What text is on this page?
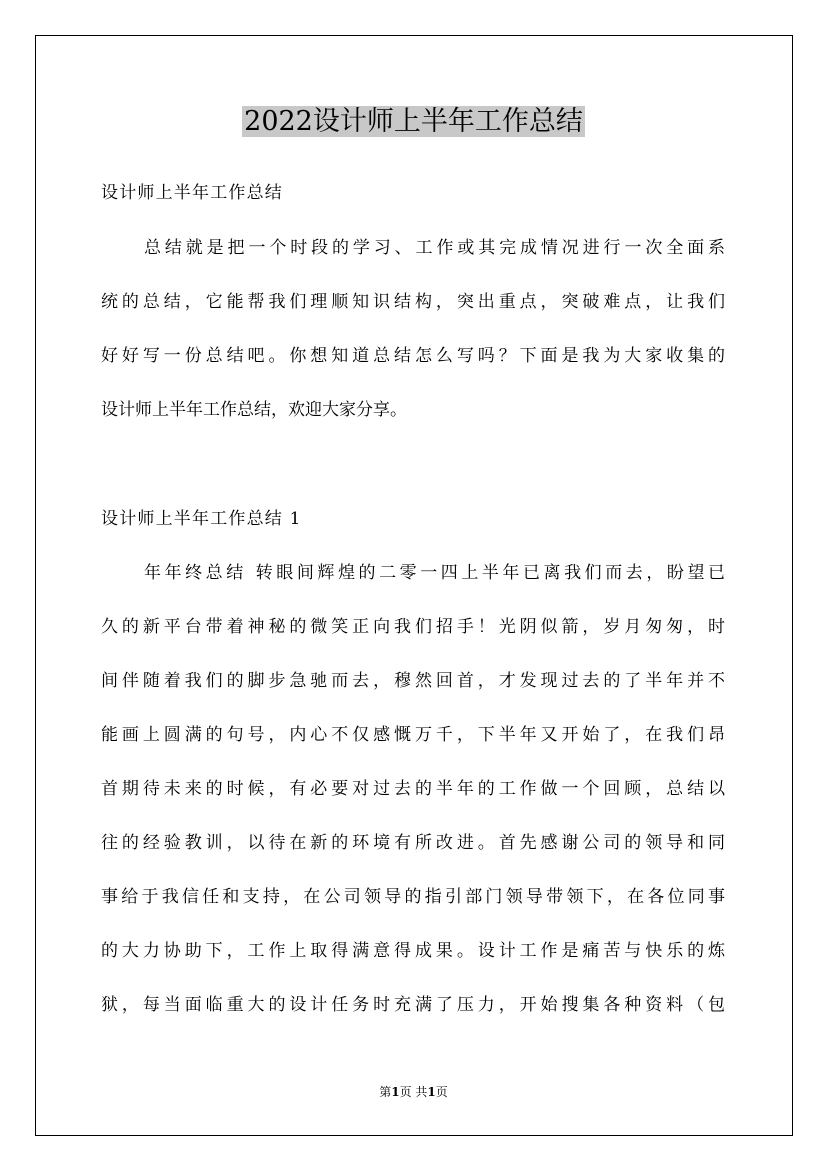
2022设计师上半年工作总结
设计师上半年工作总结
总结就是把一个时段的学习、工作或其完成情况进行一次全面系
统的总结，它能帮我们理顺知识结构，突出重点，突破难点，让我们
好好写一份总结吧。你想知道总结怎么写吗？下面是我为大家收集的
设计师上半年工作总结，欢迎大家分享。
设计师上半年工作总结 1
年年终总结 转眼间辉煌的二零一四上半年已离我们而去，盼望已
久的新平台带着神秘的微笑正向我们招手！光阴似箭，岁月匆匆，时
间伴随着我们的脚步急驰而去，穆然回首，才发现过去的了半年并不
能画上圆满的句号，内心不仅感慨万千，下半年又开始了，在我们昂
首期待未来的时候，有必要对过去的半年的工作做一个回顾，总结以
往的经验教训，以待在新的环境有所改进。首先感谢公司的领导和同
事给于我信任和支持，在公司领导的指引部门领导带领下，在各位同事
的大力协助下，工作上取得满意得成果。设计工作是痛苦与快乐的炼
狱，每当面临重大的设计任务时充满了压力，开始搜集各种资料（包
第1页 共1页
